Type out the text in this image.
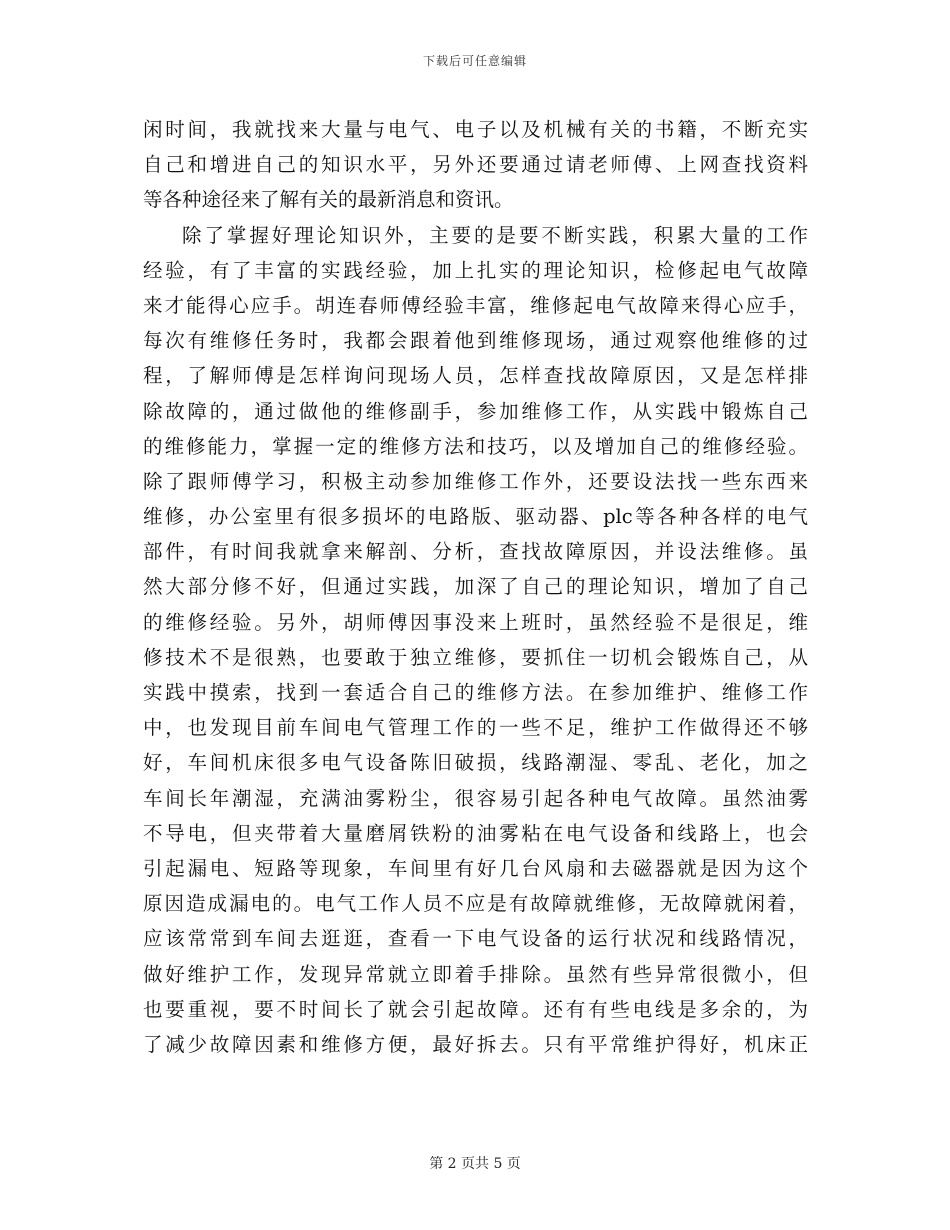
下载后可任意编辑
闲时间，我就找来大量与电气、电子以及机械有关的书籍，不断充实
自己和增进自己的知识水平，另外还要通过请老师傅、上网查找资料
等各种途径来了解有关的最新消息和资讯。
除了掌握好理论知识外，主要的是要不断实践，积累大量的工作
经验，有了丰富的实践经验，加上扎实的理论知识，检修起电气故障
来才能得心应手。胡连春师傅经验丰富，维修起电气故障来得心应手，
每次有维修任务时，我都会跟着他到维修现场，通过观察他维修的过
程，了解师傅是怎样询问现场人员，怎样查找故障原因，又是怎样排
除故障的，通过做他的维修副手，参加维修工作，从实践中锻炼自己
的维修能力，掌握一定的维修方法和技巧，以及增加自己的维修经验。
除了跟师傅学习，积极主动参加维修工作外，还要设法找一些东西来
维修，办公室里有很多损坏的电路版、驱动器、plc等各种各样的电气
部件，有时间我就拿来解剖、分析，查找故障原因，并设法维修。虽
然大部分修不好，但通过实践，加深了自己的理论知识，增加了自己
的维修经验。另外，胡师傅因事没来上班时，虽然经验不是很足，维
修技术不是很熟，也要敢于独立维修，要抓住一切机会锻炼自己，从
实践中摸索，找到一套适合自己的维修方法。在参加维护、维修工作
中，也发现目前车间电气管理工作的一些不足，维护工作做得还不够
好，车间机床很多电气设备陈旧破损，线路潮湿、零乱、老化，加之
车间长年潮湿，充满油雾粉尘，很容易引起各种电气故障。虽然油雾
不导电，但夹带着大量磨屑铁粉的油雾粘在电气设备和线路上，也会
引起漏电、短路等现象，车间里有好几台风扇和去磁器就是因为这个
原因造成漏电的。电气工作人员不应是有故障就维修，无故障就闲着，
应该常常到车间去逛逛，查看一下电气设备的运行状况和线路情况，
做好维护工作，发现异常就立即着手排除。虽然有些异常很微小，但
也要重视，要不时间长了就会引起故障。还有有些电线是多余的，为
了减少故障因素和维修方便，最好拆去。只有平常维护得好，机床正
第 2 页共 5 页
